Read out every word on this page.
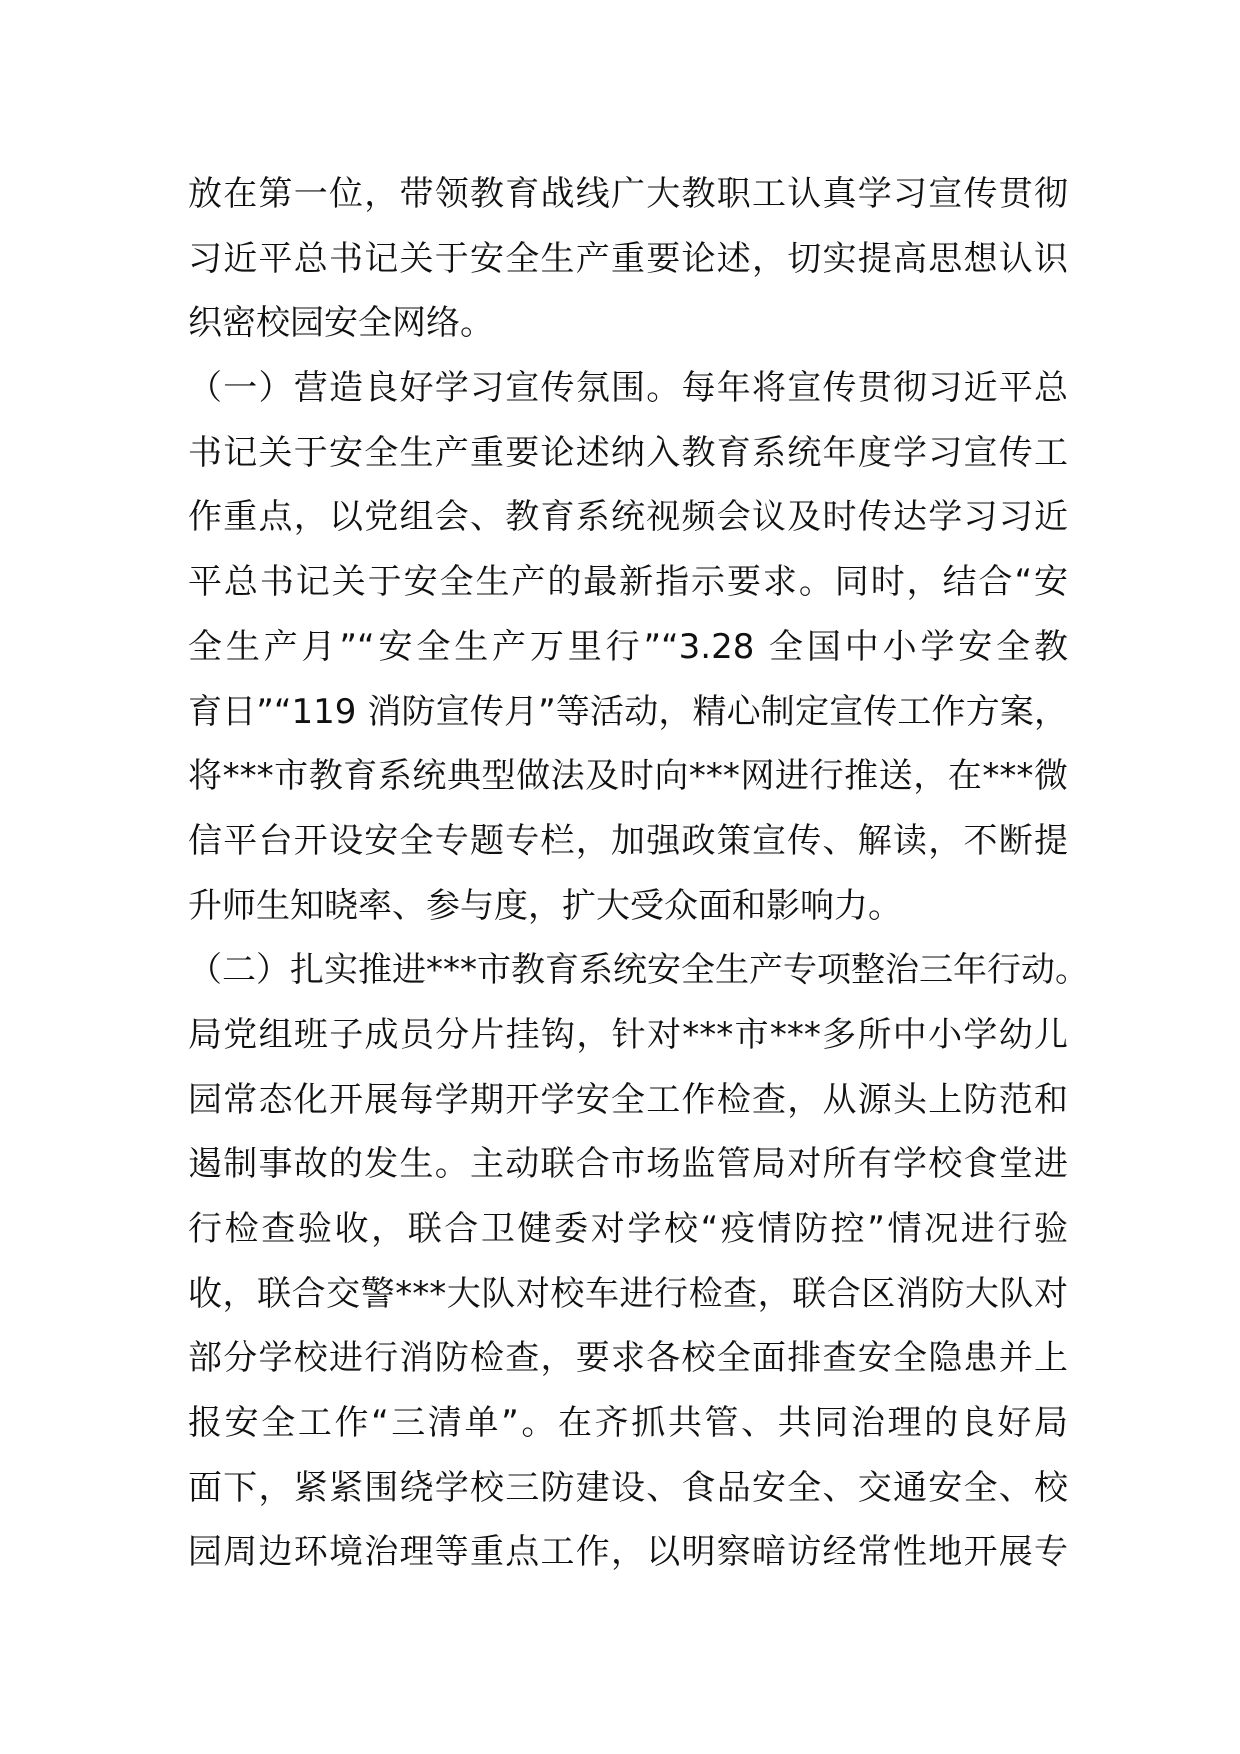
放在第一位，带领教育战线广大教职工认真学习宣传贯彻
习近平总书记关于安全生产重要论述，切实提高思想认识
织密校园安全网络。
（一）营造良好学习宣传氛围。每年将宣传贯彻习近平总
书记关于安全生产重要论述纳入教育系统年度学习宣传工
作重点，以党组会、教育系统视频会议及时传达学习习近
平总书记关于安全生产的最新指示要求。同时，结合“安
全生产月”“安全生产万里行”“3.28 全国中小学安全教
育日”“119 消防宣传月”等活动，精心制定宣传工作方案，
将***市教育系统典型做法及时向***网进行推送，在***微
信平台开设安全专题专栏，加强政策宣传、解读，不断提
升师生知晓率、参与度，扩大受众面和影响力。
（二）扎实推进***市教育系统安全生产专项整治三年行动。
局党组班子成员分片挂钩，针对***市***多所中小学幼儿
园常态化开展每学期开学安全工作检查，从源头上防范和
遏制事故的发生。主动联合市场监管局对所有学校食堂进
行检查验收，联合卫健委对学校“疫情防控”情况进行验
收，联合交警***大队对校车进行检查，联合区消防大队对
部分学校进行消防检查，要求各校全面排查安全隐患并上
报安全工作“三清单”。在齐抓共管、共同治理的良好局
面下，紧紧围绕学校三防建设、食品安全、交通安全、校
园周边环境治理等重点工作，以明察暗访经常性地开展专
